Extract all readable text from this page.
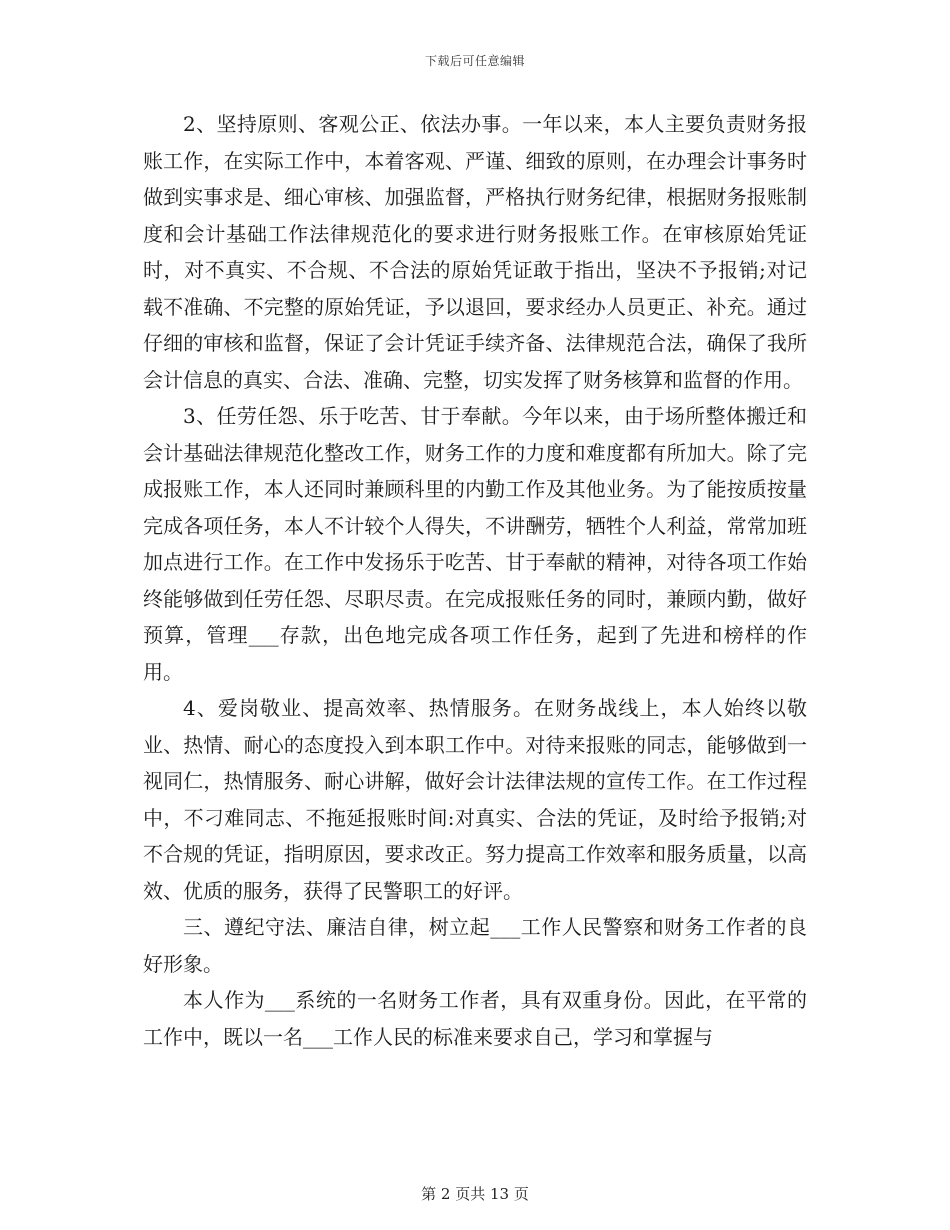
下载后可任意编辑

2、坚持原则、客观公正、依法办事。一年以来，本人主要负责财务报账工作，在实际工作中，本着客观、严谨、细致的原则，在办理会计事务时做到实事求是、细心审核、加强监督，严格执行财务纪律，根据财务报账制度和会计基础工作法律规范化的要求进行财务报账工作。在审核原始凭证时，对不真实、不合规、不合法的原始凭证敢于指出，坚决不予报销;对记载不准确、不完整的原始凭证，予以退回，要求经办人员更正、补充。通过仔细的审核和监督，保证了会计凭证手续齐备、法律规范合法，确保了我所会计信息的真实、合法、准确、完整，切实发挥了财务核算和监督的作用。

3、任劳任怨、乐于吃苦、甘于奉献。今年以来，由于场所整体搬迁和会计基础法律规范化整改工作，财务工作的力度和难度都有所加大。除了完成报账工作，本人还同时兼顾科里的内勤工作及其他业务。为了能按质按量完成各项任务，本人不计较个人得失，不讲酬劳，牺牲个人利益，常常加班加点进行工作。在工作中发扬乐于吃苦、甘于奉献的精神，对待各项工作始终能够做到任劳任怨、尽职尽责。在完成报账任务的同时，兼顾内勤，做好预算，管理___存款，出色地完成各项工作任务，起到了先进和榜样的作用。

4、爱岗敬业、提高效率、热情服务。在财务战线上，本人始终以敬业、热情、耐心的态度投入到本职工作中。对待来报账的同志，能够做到一视同仁，热情服务、耐心讲解，做好会计法律法规的宣传工作。在工作过程中，不刁难同志、不拖延报账时间:对真实、合法的凭证，及时给予报销;对不合规的凭证，指明原因，要求改正。努力提高工作效率和服务质量，以高效、优质的服务，获得了民警职工的好评。

三、遵纪守法、廉洁自律，树立起___工作人民警察和财务工作者的良好形象。

本人作为___系统的一名财务工作者，具有双重身份。因此，在平常的工作中，既以一名___工作人民的标准来要求自己，学习和掌握与

第 2 页共 13 页
